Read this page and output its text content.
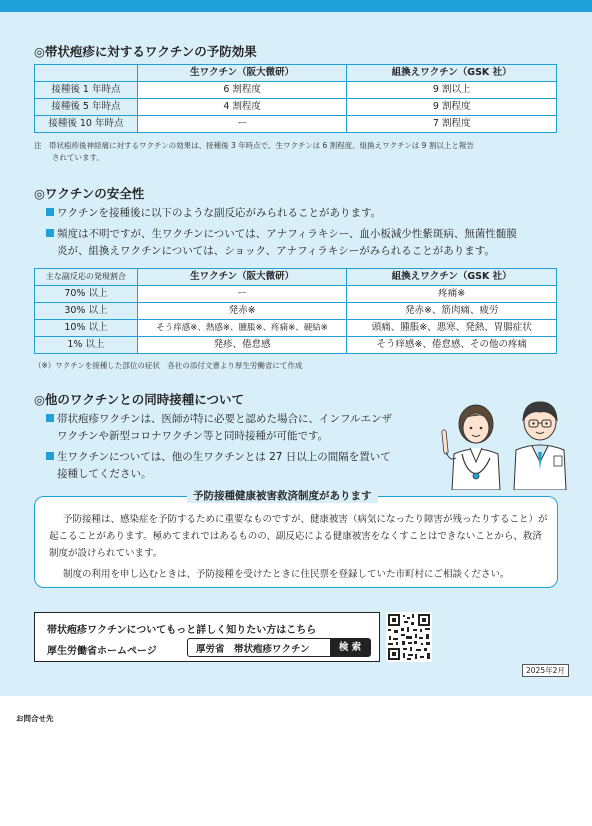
◎帯状疱疹に対するワクチンの予防効果
	生ワクチン（阪大微研）	組換えワクチン（GSK 社）
接種後 1 年時点	6 割程度	9 割以上
接種後 5 年時点	4 割程度	9 割程度
接種後 10 年時点	ー	7 割程度
注　帯状疱疹後神経痛に対するワクチンの効果は、接種後 3 年時点で、生ワクチンは 6 割程度、組換えワクチンは 9 割以上と報告
されています。
◎ワクチンの安全性
ワクチンを接種後に以下のような副反応がみられることがあります。
頻度は不明ですが、生ワクチンについては、アナフィラキシー、血小板減少性紫斑病、無菌性髄膜
炎が、組換えワクチンについては、ショック、アナフィラキシーがみられることがあります。
主な副反応の発現割合	生ワクチン（阪大微研）	組換えワクチン（GSK 社）
70% 以上	ー	疼痛※
30% 以上	発赤※	発赤※、筋肉痛、疲労
10% 以上	そう痒感※、熱感※、腫脹※、疼痛※、硬結※	頭痛、腫脹※、悪寒、発熱、胃腸症状
1% 以上	発疹、倦怠感	そう痒感※、倦怠感、その他の疼痛
（※）ワクチンを接種した部位の症状　各社の添付文書より厚生労働省にて作成
◎他のワクチンとの同時接種について
帯状疱疹ワクチンは、医師が特に必要と認めた場合に、インフルエンザ
ワクチンや新型コロナワクチン等と同時接種が可能です。
生ワクチンについては、他の生ワクチンとは 27 日以上の間隔を置いて
接種してください。
予防接種健康被害救済制度があります
予防接種は、感染症を予防するために重要なものですが、健康被害（病気になったり障害が残ったりすること）が起こることがあります。極めてまれではあるものの、副反応による健康被害をなくすことはできないことから、救済制度が設けられています。
制度の利用を申し込むときは、予防接種を受けたときに住民票を登録していた市町村にご相談ください。
帯状疱疹ワクチンについてもっと詳しく知りたい方はこちら
厚生労働省ホームページ	厚労省　帯状疱疹ワクチン	検 索
2025年2月
お問合せ先
